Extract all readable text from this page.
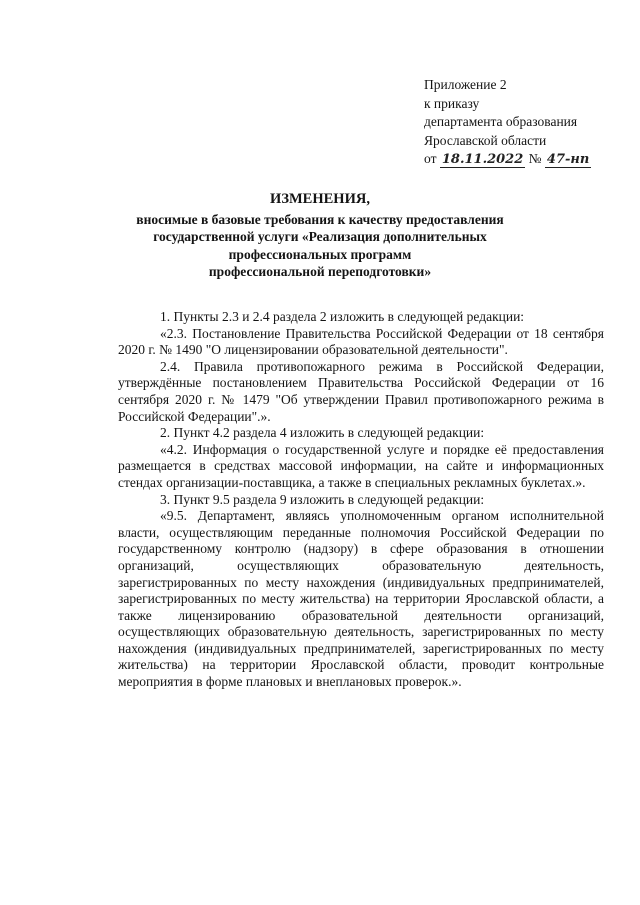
Приложение 2
к приказу
департамента образования
Ярославской области
от 18.11.2022 № 47-нп
ИЗМЕНЕНИЯ,
вносимые в базовые требования к качеству предоставления
государственной услуги «Реализация дополнительных
профессиональных программ
профессиональной переподготовки»

1. Пункты 2.3 и 2.4 раздела 2 изложить в следующей редакции:

«2.3. Постановление Правительства Российской Федерации от 18 сентября 2020 г. № 1490 "О лицензировании образовательной деятельности".

2.4. Правила противопожарного режима в Российской Федерации, утверждённые постановлением Правительства Российской Федерации от 16 сентября 2020 г. № 1479 "Об утверждении Правил противопожарного режима в Российской Федерации".».

2. Пункт 4.2 раздела 4 изложить в следующей редакции:

«4.2. Информация о государственной услуге и порядке её предоставления размещается в средствах массовой информации, на сайте и информационных стендах организации-поставщика, а также в специальных рекламных буклетах.».

3. Пункт 9.5 раздела 9 изложить в следующей редакции:

«9.5. Департамент, являясь уполномоченным органом исполнительной власти, осуществляющим переданные полномочия Российской Федерации по государственному контролю (надзору) в сфере образования в отношении организаций, осуществляющих образовательную деятельность, зарегистрированных по месту нахождения (индивидуальных предпринимателей, зарегистрированных по месту жительства) на территории Ярославской области, а также лицензированию образовательной деятельности организаций, осуществляющих образовательную деятельность, зарегистрированных по месту нахождения (индивидуальных предпринимателей, зарегистрированных по месту жительства) на территории Ярославской области, проводит контрольные мероприятия в форме плановых и внеплановых проверок.».
